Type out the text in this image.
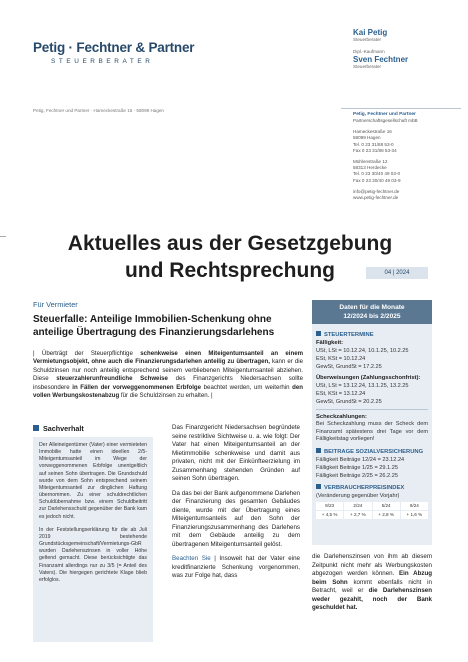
Petig · Fechtner & Partner
STEUERBERATER
Petig, Fechtner und Partner · Hameckestraße 16 · 58099 Hagen
Kai Petig
Steuerberater
Dipl.-Kaufmann
Sven Fechtner
Steuerberater
Petig, Fechtner und Partner
Partnerschaftsgesellschaft mbB
Hameckestraße 16
58099 Hagen
Tel. 0 23 31/88 53-0
Fax 0 23 31/88 53-34
Mühlenstraße 12
58313 Herdecke
Tel. 0 23 30/40 49 03-0
Fax 0 23 30/40 49 03-9
info@petig-fechtner.de
www.petig-fechtner.de
Aktuelles aus der Gesetzgebung
und Rechtsprechung	04 | 2024
Für Vermieter
Steuerfalle: Anteilige Immobilien-Schenkung ohne anteilige Übertragung des Finanzierungsdarlehens
| Überträgt der Steuerpflichtige schenkweise einen Miteigentumsanteil an einem Vermietungsobjekt, ohne auch die Finanzierungsdarlehen anteilig zu übertragen, kann er die Schuldzinsen nur noch anteilig entsprechend seinem verbliebenen Miteigentumsanteil abziehen. Diese steuerzahlerunfreundliche Schweise des Finanzgerichts Niedersachsen sollte insbesondere in Fällen der vorweggenommenen Erbfolge beachtet werden, um weiterhin den vollen Werbungskostenabzug für die Schuldzinsen zu erhalten. |
Sachverhalt

Der Alleineigentümer (Vater) einer vermieteten Immobilie hatte einen ideellen 2/5-Miteigentumsanteil im Wege der vorweggenommenen Erbfolge unentgeltlich auf seinen Sohn übertragen. Die Grundschuld wurde von dem Sohn entsprechend seinem Miteigentumsanteil zur dinglichen Haftung übernommen. Zu einer schuldrechtlichen Schuldübernahme bzw. einem Schuldbeitritt zur Darlehensschuld gegenüber der Bank kam es jedoch nicht.

In der Feststellungserklärung für die ab Juli 2019 bestehende Grundstücksgemeinschaft/Vermietungs-GbR wurden Darlehenszinsen in voller Höhe geltend gemacht. Diese berücksichtigte das Finanzamt allerdings nur zu 3/5 (= Anteil des Vaters). Die hiergegen gerichtete Klage blieb erfolglos.

Das Finanzgericht Niedersachsen begründete seine restriktive Sichtweise u. a. wie folgt: Der Vater hat einen Miteigentumsanteil an der Mietimmobilie schenkweise und damit aus privaten, nicht mit der Einkünfteerzielung im Zusammenhang stehenden Gründen auf seinen Sohn übertragen.

Da das bei der Bank aufgenommene Darlehen der Finanzierung des gesamten Gebäudes diente, wurde mit der Übertragung eines Miteigentumsanteils auf den Sohn der Finanzierungszusammenhang des Darlehens mit dem Gebäude anteilig zu dem übertragenen Miteigentumsanteil gelöst.

Beachten Sie | Insoweit hat der Vater eine kreditfinanzierte Schenkung vorgenommen, was zur Folge hat, dass

Daten für die Monate
12/2024 bis 2/2025
STEUERTERMINE
Fälligkeit:
USt, LSt = 10.12.24, 10.1.25, 10.2.25
ESt, KSt = 10.12.24
GewSt, GrundSt = 17.2.25
Überweisungen (Zahlungsschonfrist):
USt, LSt = 13.12.24, 13.1.25, 13.2.25
ESt, KSt = 13.12.24
GewSt, GrundSt = 20.2.25
Scheckzahlungen:
Bei Scheckzahlung muss der Scheck dem Finanzamt spätestens drei Tage vor dem Fälligkeitstag vorliegen!
BEITRAGE SOZIALVERSICHERUNG
Fälligkeit Beiträge 12/24 = 23.12.24
Fälligkeit Beiträge 1/25 = 29.1.25
Fälligkeit Beiträge 2/25 = 26.2.25
VERBRAUCHERPREISINDEX
(Veränderung gegenüber Vorjahr)
9/23	2/24	5/24	9/24
+ 4,5 %	+ 2,7 %	+ 2,8 %	+ 1,6 %
die Darlehenszinsen von ihm ab diesem Zeitpunkt nicht mehr als Werbungskosten abgezogen werden können. Ein Abzug beim Sohn kommt ebenfalls nicht in Betracht, weil er die Darlehenszinsen weder gezahlt, noch der Bank geschuldet hat.
